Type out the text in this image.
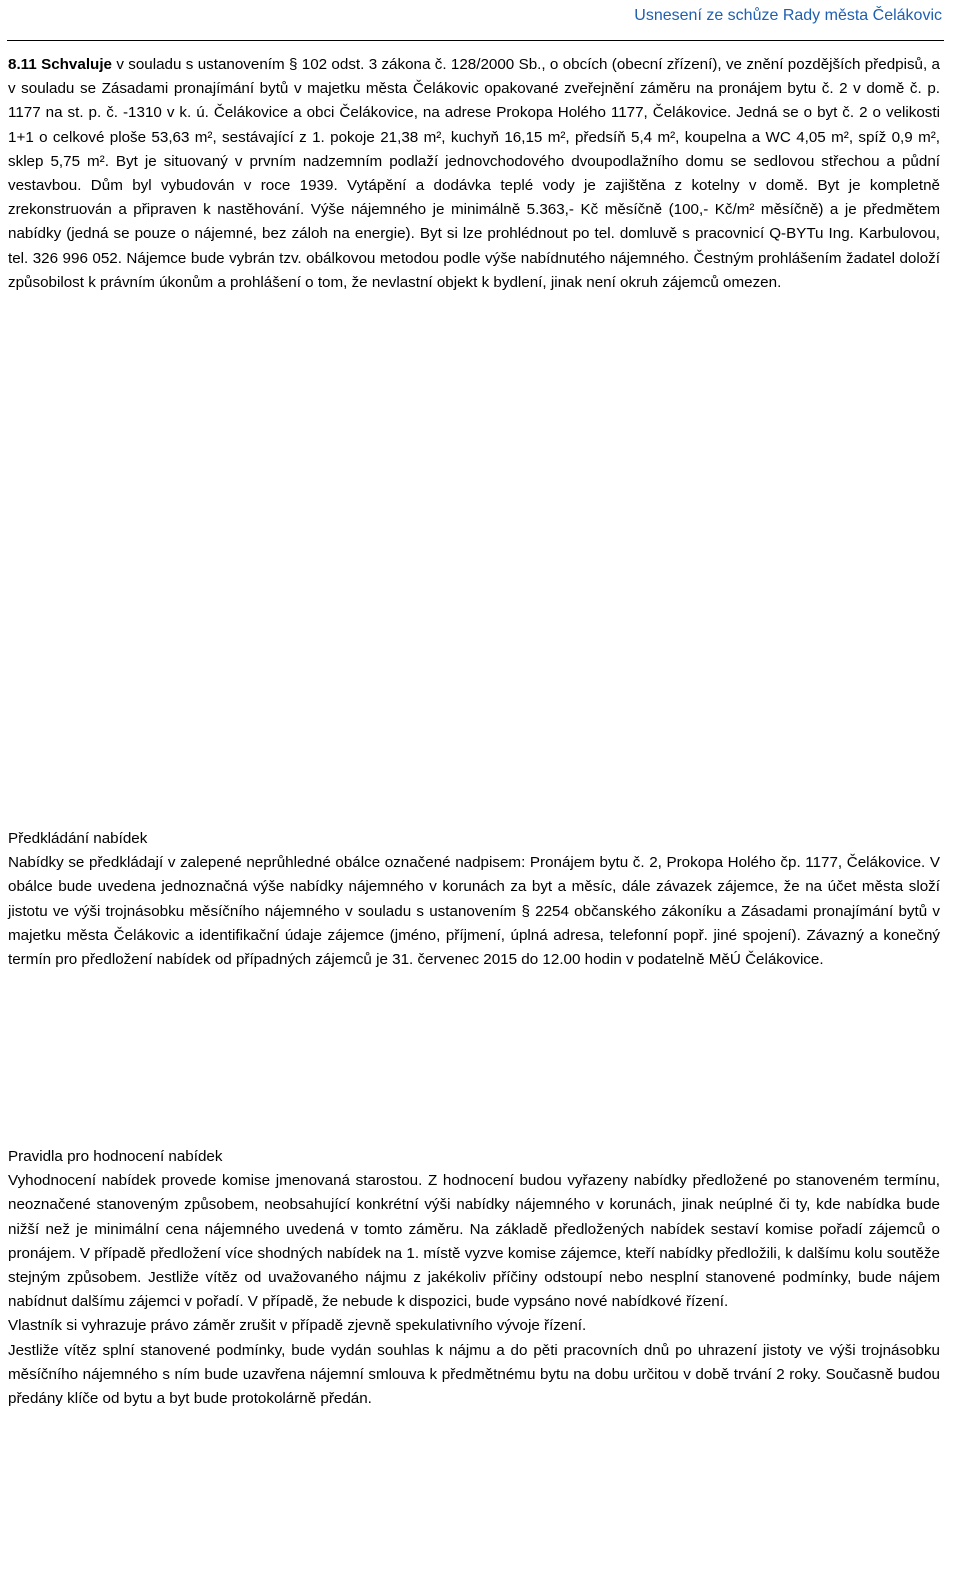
Usnesení ze schůze Rady města Čelákovic

8.11 Schvaluje v souladu s ustanovením § 102 odst. 3 zákona č. 128/2000 Sb., o obcích (obecní zřízení), ve znění pozdějších předpisů, a v souladu se Zásadami pronajímání bytů v majetku města Čelákovic opakované zveřejnění záměru na pronájem bytu č. 2 v domě č. p. 1177 na st. p. č. -1310 v k. ú. Čelákovice a obci Čelákovice, na adrese Prokopa Holého 1177, Čelákovice. Jedná se o byt č. 2 o velikosti 1+1 o celkové ploše 53,63 m², sestávající z 1. pokoje 21,38 m², kuchyň 16,15 m², předsíň 5,4 m², koupelna a WC 4,05 m², spíž 0,9 m², sklep 5,75 m². Byt je situovaný v prvním nadzemním podlaží jednovchodového dvoupodlažního domu se sedlovou střechou a půdní vestavbou. Dům byl vybudován v roce 1939. Vytápění a dodávka teplé vody je zajištěna z kotelny v domě. Byt je kompletně zrekonstruován a připraven k nastěhování. Výše nájemného je minimálně 5.363,- Kč měsíčně (100,- Kč/m² měsíčně) a je předmětem nabídky (jedná se pouze o nájemné, bez záloh na energie). Byt si lze prohlédnout po tel. domluvě s pracovnicí Q-BYTu Ing. Karbulovou, tel. 326 996 052. Nájemce bude vybrán tzv. obálkovou metodou podle výše nabídnutého nájemného. Čestným prohlášením žadatel doloží způsobilost k právním úkonům a prohlášení o tom, že nevlastní objekt k bydlení, jinak není okruh zájemců omezen.

Předkládání nabídek

Nabídky se předkládají v zalepené neprůhledné obálce označené nadpisem: Pronájem bytu č. 2, Prokopa Holého čp. 1177, Čelákovice. V obálce bude uvedena jednoznačná výše nabídky nájemného v korunách za byt a měsíc, dále závazek zájemce, že na účet města složí jistotu ve výši trojnásobku měsíčního nájemného v souladu s ustanovením § 2254 občanského zákoníku a Zásadami pronajímání bytů v majetku města Čelákovic a identifikační údaje zájemce (jméno, příjmení, úplná adresa, telefonní popř. jiné spojení). Závazný a konečný termín pro předložení nabídek od případných zájemců je 31. červenec 2015 do 12.00 hodin v podatelně MěÚ Čelákovice.

Pravidla pro hodnocení nabídek

Vyhodnocení nabídek provede komise jmenovaná starostou. Z hodnocení budou vyřazeny nabídky předložené po stanoveném termínu, neoznačené stanoveným způsobem, neobsahující konkrétní výši nabídky nájemného v korunách, jinak neúplné či ty, kde nabídka bude nižší než je minimální cena nájemného uvedená v tomto záměru. Na základě předložených nabídek sestaví komise pořadí zájemců o pronájem. V případě předložení více shodných nabídek na 1. místě vyzve komise zájemce, kteří nabídky předložili, k dalšímu kolu soutěže stejným způsobem. Jestliže vítěz od uvažovaného nájmu z jakékoliv příčiny odstoupí nebo nesplní stanovené podmínky, bude nájem nabídnut dalšímu zájemci v pořadí. V případě, že nebude k dispozici, bude vypsáno nové nabídkové řízení.

Vlastník si vyhrazuje právo záměr zrušit v případě zjevně spekulativního vývoje řízení.

Jestliže vítěz splní stanovené podmínky, bude vydán souhlas k nájmu a do pěti pracovních dnů po uhrazení jistoty ve výši trojnásobku měsíčního nájemného s ním bude uzavřena nájemní smlouva k předmětnému bytu na dobu určitou v době trvání 2 roky. Současně budou předány klíče od bytu a byt bude protokolárně předán.
